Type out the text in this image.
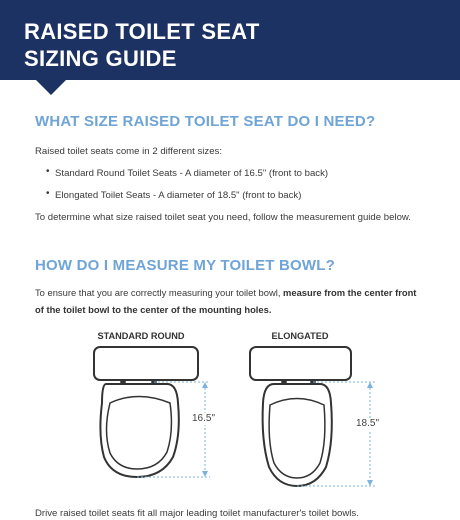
RAISED TOILET SEAT
SIZING GUIDE
WHAT SIZE RAISED TOILET SEAT DO I NEED?

Raised toilet seats come in 2 different sizes:

• Standard Round Toilet Seats - A diameter of 16.5" (front to back)

• Elongated Toilet Seats - A diameter of 18.5" (front to back)

To determine what size raised toilet seat you need, follow the measurement guide below.

HOW DO I MEASURE MY TOILET BOWL?

To ensure that you are correctly measuring your toilet bowl, measure from the center front

of the toilet bowl to the center of the mounting holes.

STANDARD ROUND	ELONGATED
16.5"	18.5"

Drive raised toilet seats fit all major leading toilet manufacturer's toilet bowls.
